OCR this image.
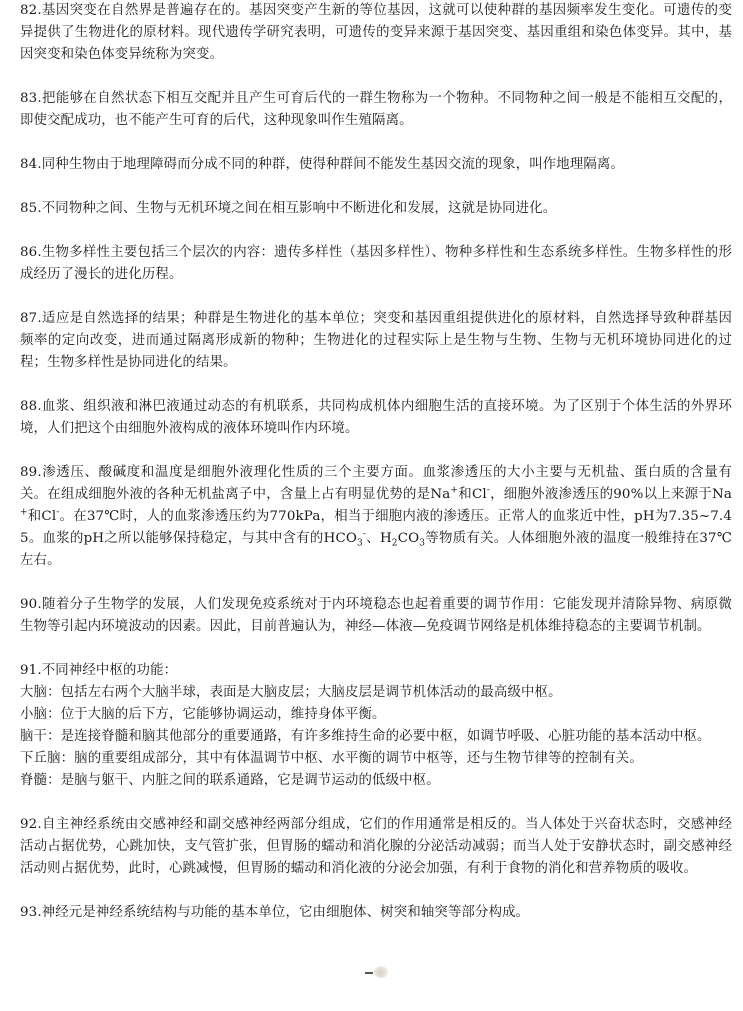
82.基因突变在自然界是普遍存在的。基因突变产生新的等位基因，这就可以使种群的基因频率发生变化。可遗传的变异提供了生物进化的原材料。现代遗传学研究表明，可遗传的变异来源于基因突变、基因重组和染色体变异。其中，基因突变和染色体变异统称为突变。

83.把能够在自然状态下相互交配并且产生可育后代的一群生物称为一个物种。不同物种之间一般是不能相互交配的，即使交配成功，也不能产生可育的后代，这种现象叫作生殖隔离。

84.同种生物由于地理障碍而分成不同的种群，使得种群间不能发生基因交流的现象，叫作地理隔离。

85.不同物种之间、生物与无机环境之间在相互影响中不断进化和发展，这就是协同进化。

86.生物多样性主要包括三个层次的内容：遗传多样性（基因多样性）、物种多样性和生态系统多样性。生物多样性的形成经历了漫长的进化历程。

87.适应是自然选择的结果；种群是生物进化的基本单位；突变和基因重组提供进化的原材料，自然选择导致种群基因频率的定向改变，进而通过隔离形成新的物种；生物进化的过程实际上是生物与生物、生物与无机环境协同进化的过程；生物多样性是协同进化的结果。

88.血浆、组织液和淋巴液通过动态的有机联系，共同构成机体内细胞生活的直接环境。为了区别于个体生活的外界环境，人们把这个由细胞外液构成的液体环境叫作内环境。

89.渗透压、酸碱度和温度是细胞外液理化性质的三个主要方面。血浆渗透压的大小主要与无机盐、蛋白质的含量有关。在组成细胞外液的各种无机盐离子中，含量上占有明显优势的是Na+和Cl-，细胞外液渗透压的90%以上来源于Na+和Cl-。在37℃时，人的血浆渗透压约为770kPa，相当于细胞内液的渗透压。正常人的血浆近中性，pH为7.35~7.45。血浆的pH之所以能够保持稳定，与其中含有的$HCO_3^-$、$H_2CO_3$等物质有关。人体细胞外液的温度一般维持在37℃左右。

90.随着分子生物学的发展，人们发现免疫系统对于内环境稳态也起着重要的调节作用：它能发现并清除异物、病原微生物等引起内环境波动的因素。因此，目前普遍认为，神经—体液—免疫调节网络是机体维持稳态的主要调节机制。

91.不同神经中枢的功能：
大脑：包括左右两个大脑半球，表面是大脑皮层；大脑皮层是调节机体活动的最高级中枢。
小脑：位于大脑的后下方，它能够协调运动，维持身体平衡。
脑干：是连接脊髓和脑其他部分的重要通路，有许多维持生命的必要中枢，如调节呼吸、心脏功能的基本活动中枢。
下丘脑：脑的重要组成部分，其中有体温调节中枢、水平衡的调节中枢等，还与生物节律等的控制有关。
脊髓：是脑与躯干、内脏之间的联系通路，它是调节运动的低级中枢。

92.自主神经系统由交感神经和副交感神经两部分组成，它们的作用通常是相反的。当人体处于兴奋状态时，交感神经活动占据优势，心跳加快，支气管扩张，但胃肠的蠕动和消化腺的分泌活动减弱；而当人处于安静状态时，副交感神经活动则占据优势，此时，心跳减慢，但胃肠的蠕动和消化液的分泌会加强，有利于食物的消化和营养物质的吸收。

93.神经元是神经系统结构与功能的基本单位，它由细胞体、树突和轴突等部分构成。
